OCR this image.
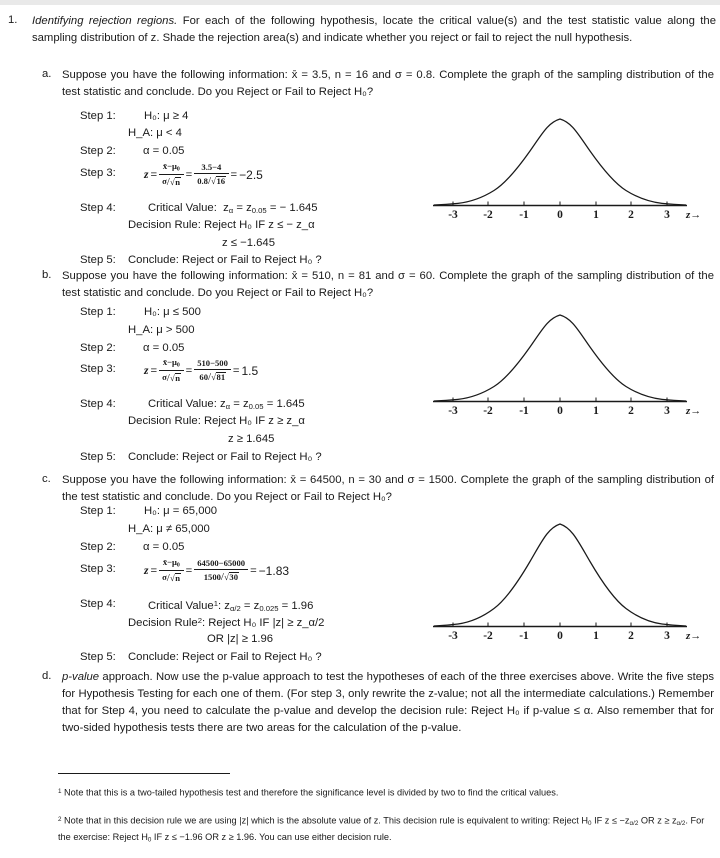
1. Identifying rejection regions. For each of the following hypothesis, locate the critical value(s) and the test statistic value along the sampling distribution of z. Shade the rejection area(s) and indicate whether you reject or fail to reject the null hypothesis.
a. Suppose you have the following information: x̄ = 3.5, n = 16 and σ = 0.8. Complete the graph of the sampling distribution of the test statistic and conclude. Do you Reject or Fail to Reject H₀?
Step 1: H₀: μ ≥ 4
H_A: μ < 4
Step 2: α = 0.05
Step 3: $z = \frac{x̄-\mu_0}{\sigma / √ n} = \frac{3.5-4}{0.8 / √ 16} = -2.5$
Step 4:	Critical Value:  $z_\alpha = z_{0.05}$ = − 1.645
Decision Rule: Reject H₀ IF z ≤ − z_α
z ≤ −1.645
Step 5: Conclude: Reject or Fail to Reject H₀ ?
-3	-2	-1	0	1	2	3	z→
b. Suppose you have the following information: x̄ = 510, n = 81 and σ = 60. Complete the graph of the sampling distribution of the test statistic and conclude. Do you Reject or Fail to Reject H₀?
Step 1: H₀: μ ≤ 500
H_A: μ > 500
Step 2: α = 0.05
Step 3: $z = \frac{x̄-\mu_0}{\sigma / √ n} = \frac{510-500}{60 / √ 81} = 1.5$
Step 4:	Critical Value: $z_\alpha = z_{0.05} = 1.645$
Decision Rule: Reject H₀ IF z ≥ z_α
z ≥ 1.645
Step 5: Conclude: Reject or Fail to Reject H₀ ?
-3	-2	-1	0	1	2	3	z→
c. Suppose you have the following information: x̄ = 64500, n = 30 and σ = 1500. Complete the graph of the sampling distribution of the test statistic and conclude. Do you Reject or Fail to Reject H₀?
Step 1: H₀: μ = 65,000
H_A: μ ≠ 65,000
Step 2: α = 0.05
Step 3: $z = \frac{x̄-\mu_0}{\sigma / √ n} = \frac{64500-65000}{1500 / √ 30} = -1.83$
Step 4:	Critical Value$^1$: $z_{\alpha/2} = z_{0.025} = 1.96$
Decision Rule$^2$: Reject H₀ IF |z| ≥ z_α/2
OR |z| ≥ 1.96
Step 5: Conclude: Reject or Fail to Reject H₀ ?
-3	-2	-1	0	1	2	3	z→
d. p-value approach. Now use the p-value approach to test the hypotheses of each of the three exercises above. Write the five steps for Hypothesis Testing for each one of them. (For step 3, only rewrite the z-value; not all the intermediate calculations.) Remember that for Step 4, you need to calculate the p-value and develop the decision rule: Reject H₀ if p-value ≤ α. Also remember that for two-sided hypothesis tests there are two areas for the calculation of the p-value.
$^1$ Note that this is a two-tailed hypothesis test and therefore the significance level is divided by two to find the critical values.
$^2$ Note that in this decision rule we are using |z| which is the absolute value of z. This decision rule is equivalent to writing: Reject $H_0$ IF $z \le -z_{\alpha/2}$ OR $z \ge z_{\alpha/2}$. For the exercise: Reject $H_0$ IF z ≤ −1.96 OR z ≥ 1.96. You can use either decision rule.
